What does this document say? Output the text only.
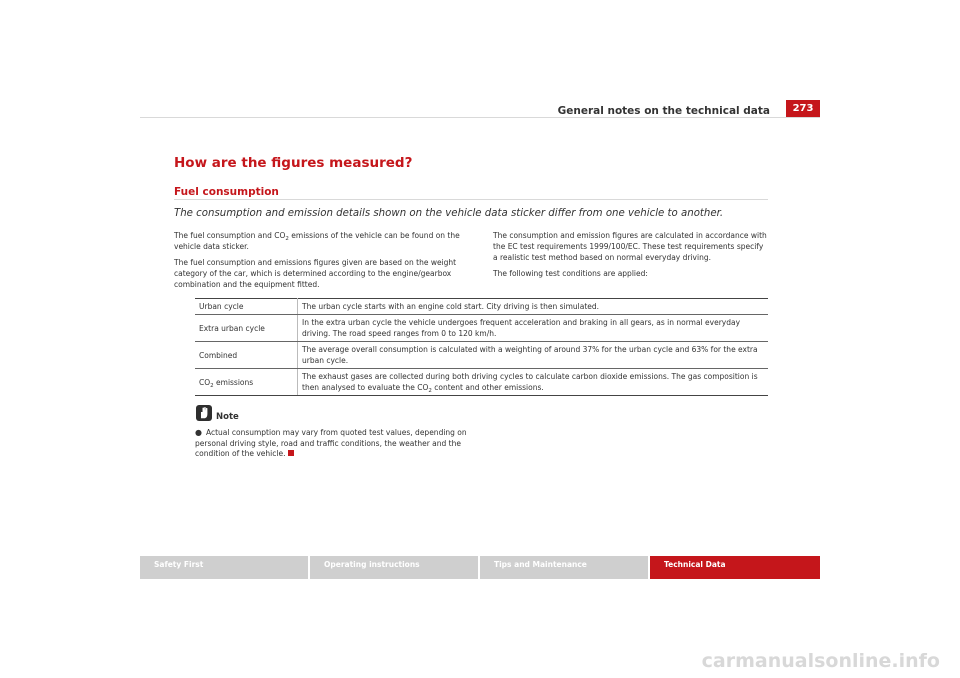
General notes on the technical data	273
How are the figures measured?
Fuel consumption
The consumption and emission details shown on the vehicle data sticker differ from one vehicle to another.

The fuel consumption and $CO_2$ emissions of the vehicle can be found on the vehicle data sticker.

The fuel consumption and emissions figures given are based on the weight category of the car, which is determined according to the engine/gearbox combination and the equipment fitted.

The consumption and emission figures are calculated in accordance with the EC test requirements 1999/100/EC. These test requirements specify a realistic test method based on normal everyday driving.

The following test conditions are applied:

Urban cycle	The urban cycle starts with an engine cold start. City driving is then simulated.
Extra urban cycle	In the extra urban cycle the vehicle undergoes frequent acceleration and braking in all gears, as in normal everyday driving. The road speed ranges from 0 to 120 km/h.
Combined	The average overall consumption is calculated with a weighting of around 37% for the urban cycle and 63% for the extra urban cycle.
$CO_2$ emissions	The exhaust gases are collected during both driving cycles to calculate carbon dioxide emissions. The gas composition is then analysed to evaluate the $CO_2$ content and other emissions.
Note
● Actual consumption may vary from quoted test values, depending on personal driving style, road and traffic conditions, the weather and the condition of the vehicle.
Safety First	Operating instructions	Tips and Maintenance	Technical Data
carmanualsonline.info
